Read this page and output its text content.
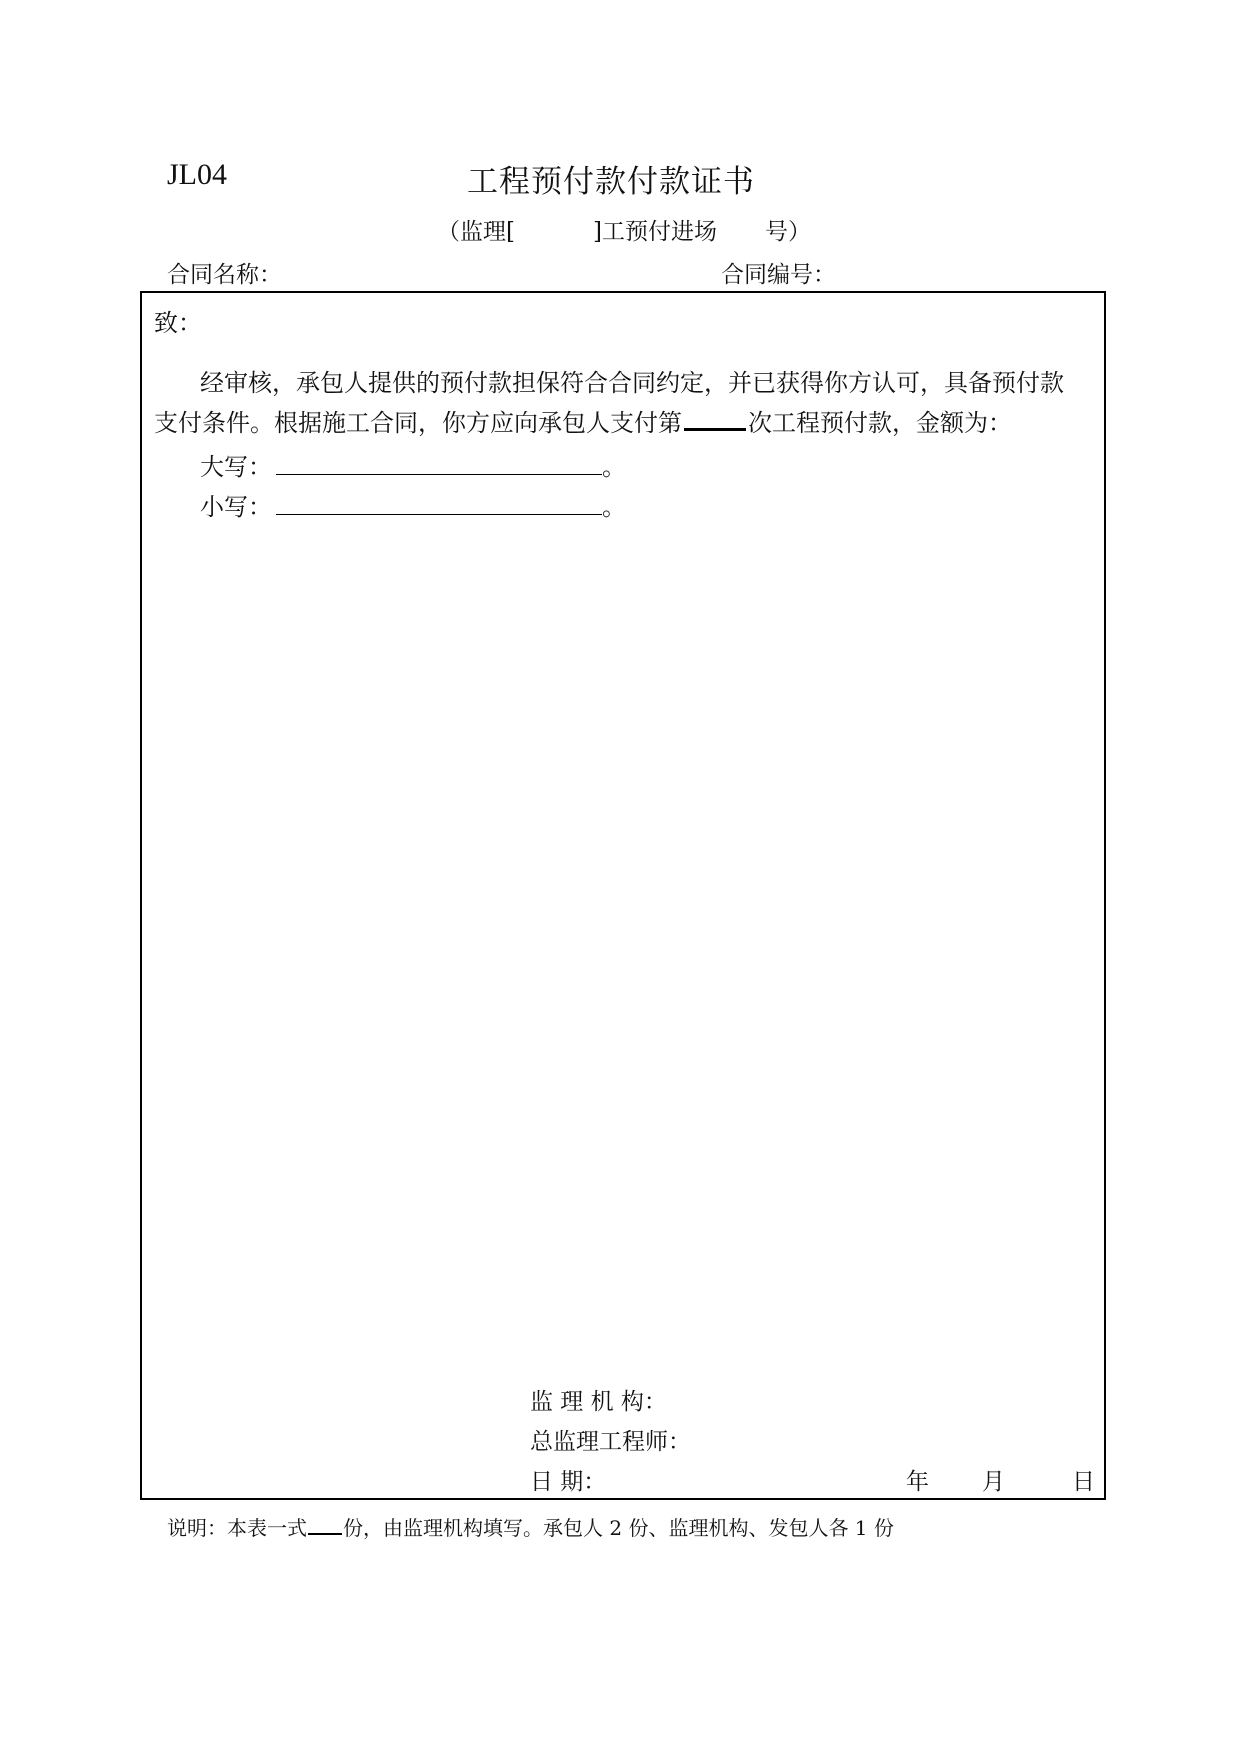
JL04	工程预付款付款证书
（监理[	]工预付进场 号）
合同名称：	合同编号：
致：
经审核，承包人提供的预付款担保符合合同约定，并已获得你方认可，具备预付款
支付条件。根据施工合同，你方应向承包人支付第	次工程预付款，金额为：
大写：	。
小写：	。
监 理 机 构：
总监理工程师：
日 期：	年 月	日
说明：本表一式 份，由监理机构填写。承包人 2 份、监理机构、发包人各 1 份
